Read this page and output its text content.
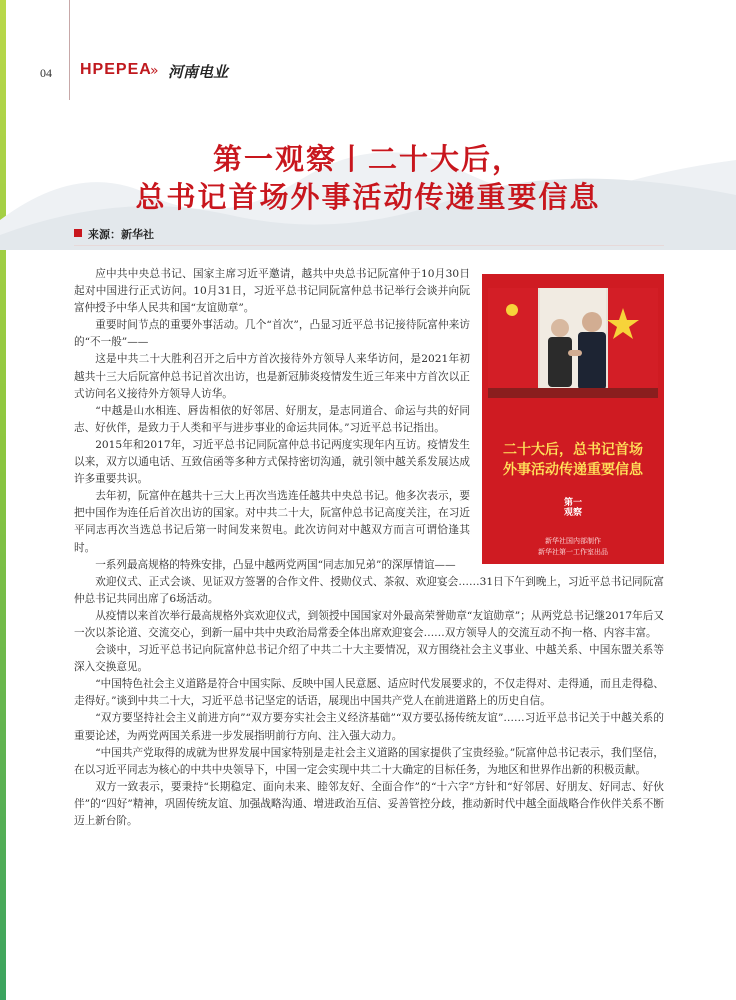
04 HPEPEA
» 河南电业
第一观察丨二十大后，
总书记首场外事活动传递重要信息
来源：新华社
二十大后，总书记首场
外事活动传递重要信息
第一
观察
新华社国内部制作
新华社第一工作室出品

应中共中央总书记、国家主席习近平邀请，越共中央总书记阮富仲于10月30日起对中国进行正式访问。10月31日，习近平总书记同阮富仲总书记举行会谈并向阮富仲授予中华人民共和国“友谊勋章”。

重要时间节点的重要外事活动。几个“首次”，凸显习近平总书记接待阮富仲来访的“不一般”——

这是中共二十大胜利召开之后中方首次接待外方领导人来华访问，是2021年初越共十三大后阮富仲总书记首次出访，也是新冠肺炎疫情发生近三年来中方首次以正式访问名义接待外方领导人访华。

“中越是山水相连、唇齿相依的好邻居、好朋友，是志同道合、命运与共的好同志、好伙伴，是致力于人类和平与进步事业的命运共同体。”习近平总书记指出。

2015年和2017年，习近平总书记同阮富仲总书记两度实现年内互访。疫情发生以来，双方以通电话、互致信函等多种方式保持密切沟通，就引领中越关系发展达成许多重要共识。

去年初，阮富仲在越共十三大上再次当选连任越共中央总书记。他多次表示，要把中国作为连任后首次出访的国家。对中共二十大，阮富仲总书记高度关注，在习近平同志再次当选总书记后第一时间发来贺电。此次访问对中越双方而言可谓恰逢其时。

一系列最高规格的特殊安排，凸显中越两党两国“同志加兄弟”的深厚情谊——

欢迎仪式、正式会谈、见证双方签署的合作文件、授勋仪式、茶叙、欢迎宴会……31日下午到晚上，习近平总书记同阮富仲总书记共同出席了6场活动。

从疫情以来首次举行最高规格外宾欢迎仪式，到领授中国国家对外最高荣誉勋章“友谊勋章”；从两党总书记继2017年后又一次以茶论道、交流交心，到新一届中共中央政治局常委全体出席欢迎宴会……双方领导人的交流互动不拘一格、内容丰富。

会谈中，习近平总书记向阮富仲总书记介绍了中共二十大主要情况，双方围绕社会主义事业、中越关系、中国东盟关系等深入交换意见。

“中国特色社会主义道路是符合中国实际、反映中国人民意愿、适应时代发展要求的，不仅走得对、走得通，而且走得稳、走得好。”谈到中共二十大，习近平总书记坚定的话语，展现出中国共产党人在前进道路上的历史自信。

“双方要坚持社会主义前进方向”“双方要夯实社会主义经济基础”“双方要弘扬传统友谊”……习近平总书记关于中越关系的重要论述，为两党两国关系进一步发展指明前行方向、注入强大动力。

“中国共产党取得的成就为世界发展中国家特别是走社会主义道路的国家提供了宝贵经验。”阮富仲总书记表示，我们坚信，在以习近平同志为核心的中共中央领导下，中国一定会实现中共二十大确定的目标任务，为地区和世界作出新的积极贡献。

双方一致表示，要秉持“长期稳定、面向未来、睦邻友好、全面合作”的“十六字”方针和“好邻居、好朋友、好同志、好伙伴”的“四好”精神，巩固传统友谊、加强战略沟通、增进政治互信、妥善管控分歧，推动新时代中越全面战略合作伙伴关系不断迈上新台阶。
